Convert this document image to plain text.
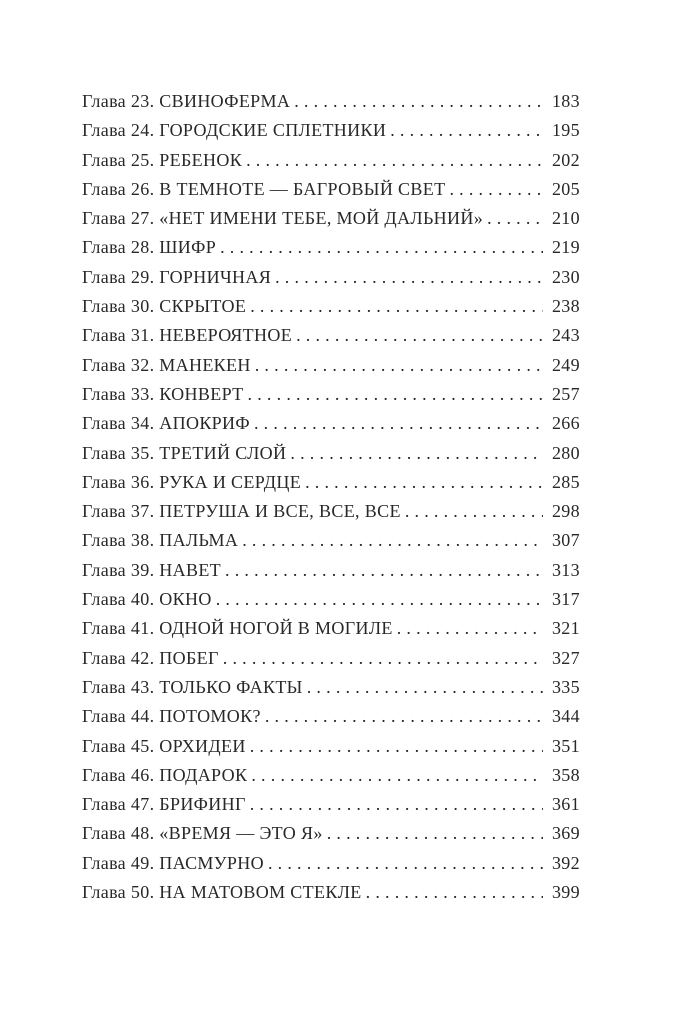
Глава 23. СВИНОФЕРМА . . .	183
Глава 24. ГОРОДСКИЕ СПЛЕТНИКИ . . .	195
Глава 25. РЕБЕНОК . . .	202
Глава 26. В ТЕМНОТЕ — БАГРОВЫЙ СВЕТ . . .	205
Глава 27. «НЕТ ИМЕНИ ТЕБЕ, МОЙ ДАЛЬНИЙ» . . .	210
Глава 28. ШИФР . . .	219
Глава 29. ГОРНИЧНАЯ . . .	230
Глава 30. СКРЫТОЕ . . .	238
Глава 31. НЕВЕРОЯТНОЕ . . .	243
Глава 32. МАНЕКЕН . . .	249
Глава 33. КОНВЕРТ . . .	257
Глава 34. АПОКРИФ . . .	266
Глава 35. ТРЕТИЙ СЛОЙ . . .	280
Глава 36. РУКА И СЕРДЦЕ . . .	285
Глава 37. ПЕТРУША И ВСЕ, ВСЕ, ВСЕ . . .	298
Глава 38. ПАЛЬМА . . .	307
Глава 39. НАВЕТ . . .	313
Глава 40. ОКНО . . .	317
Глава 41. ОДНОЙ НОГОЙ В МОГИЛЕ . . .	321
Глава 42. ПОБЕГ . . .	327
Глава 43. ТОЛЬКО ФАКТЫ . . .	335
Глава 44. ПОТОМОК? . . .	344
Глава 45. ОРХИДЕИ . . .	351
Глава 46. ПОДАРОК . . .	358
Глава 47. БРИФИНГ . . .	361
Глава 48. «ВРЕМЯ — ЭТО Я» . . .	369
Глава 49. ПАСМУРНО . . .	392
Глава 50. НА МАТОВОМ СТЕКЛЕ . . .	399
